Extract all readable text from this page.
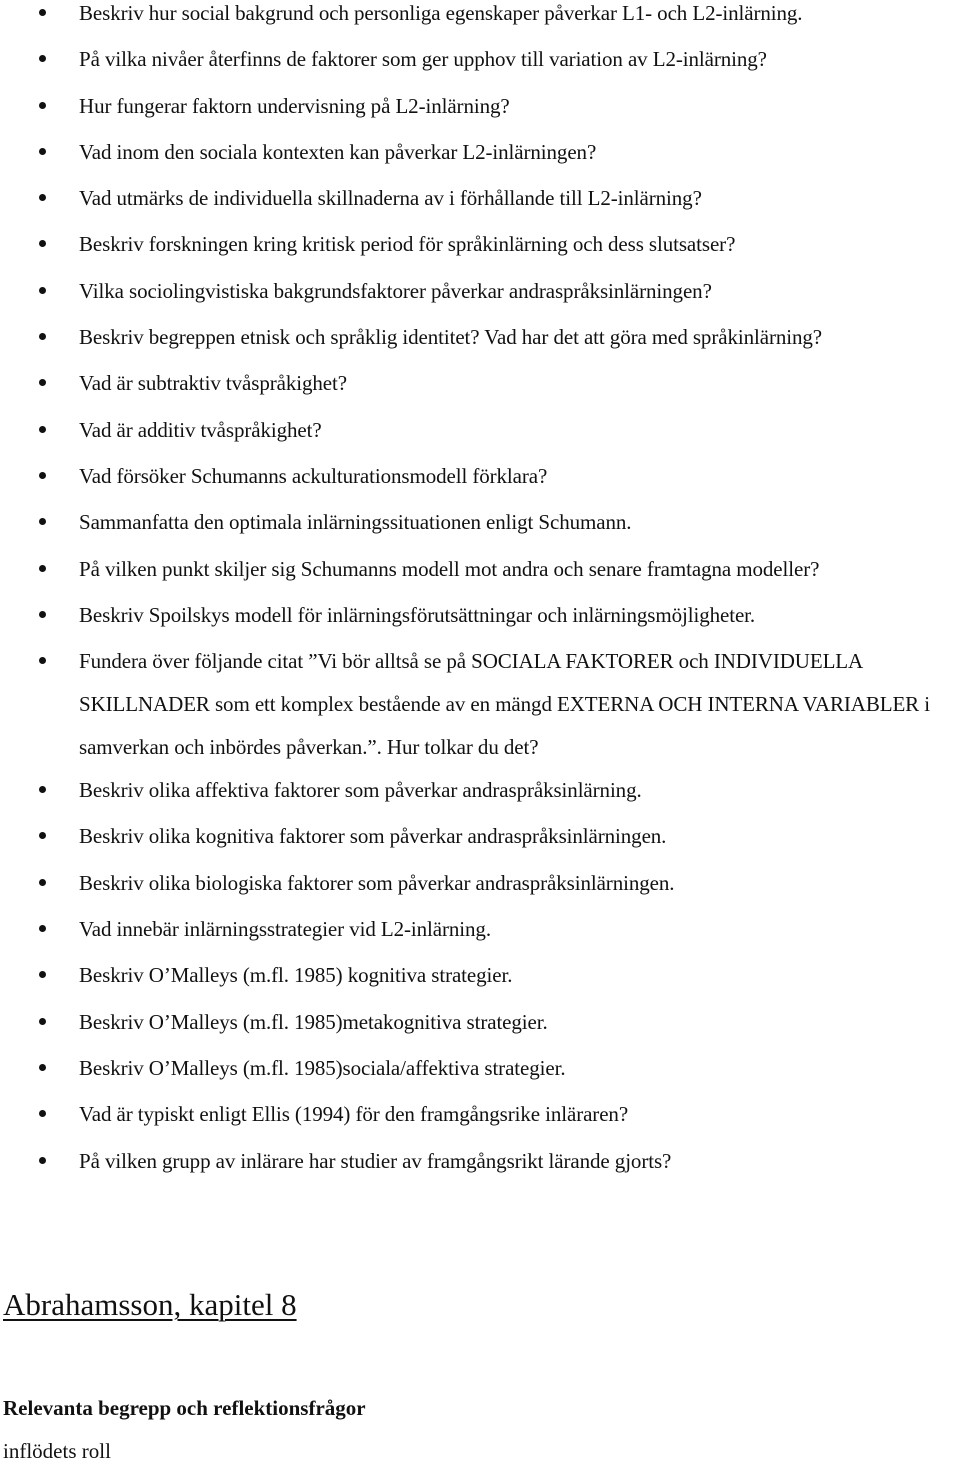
Beskriv hur social bakgrund och personliga egenskaper påverkar L1- och L2-inlärning.
På vilka nivåer återfinns de faktorer som ger upphov till variation av L2-inlärning?
Hur fungerar faktorn undervisning på L2-inlärning?
Vad inom den sociala kontexten kan påverkar L2-inlärningen?
Vad utmärks de individuella skillnaderna av i förhållande till L2-inlärning?
Beskriv forskningen kring kritisk period för språkinlärning och dess slutsatser?
Vilka sociolingvistiska bakgrundsfaktorer påverkar andraspråksinlärningen?
Beskriv begreppen etnisk och språklig identitet? Vad har det att göra med språkinlärning?
Vad är subtraktiv tvåspråkighet?
Vad är additiv tvåspråkighet?
Vad försöker Schumanns ackulturationsmodell förklara?
Sammanfatta den optimala inlärningssituationen enligt Schumann.
På vilken punkt skiljer sig Schumanns modell mot andra och senare framtagna modeller?
Beskriv Spoilskys modell för inlärningsförutsättningar och inlärningsmöjligheter.
Fundera över följande citat ”Vi bör alltså se på SOCIALA FAKTORER och INDIVIDUELLA SKILLNADER som ett komplex bestående av en mängd EXTERNA OCH INTERNA VARIABLER i samverkan och inbördes påverkan.”. Hur tolkar du det?
Beskriv olika affektiva faktorer som påverkar andraspråksinlärning.
Beskriv olika kognitiva faktorer som påverkar andraspråksinlärningen.
Beskriv olika biologiska faktorer som påverkar andraspråksinlärningen.
Vad innebär inlärningsstrategier vid L2-inlärning.
Beskriv O’Malleys (m.fl. 1985) kognitiva strategier.
Beskriv O’Malleys (m.fl. 1985)metakognitiva strategier.
Beskriv O’Malleys (m.fl. 1985)sociala/affektiva strategier.
Vad är typiskt enligt Ellis (1994) för den framgångsrike inläraren?
På vilken grupp av inlärare har studier av framgångsrikt lärande gjorts?
Abrahamsson, kapitel 8
Relevanta begrepp och reflektionsfrågor

inflödets roll
